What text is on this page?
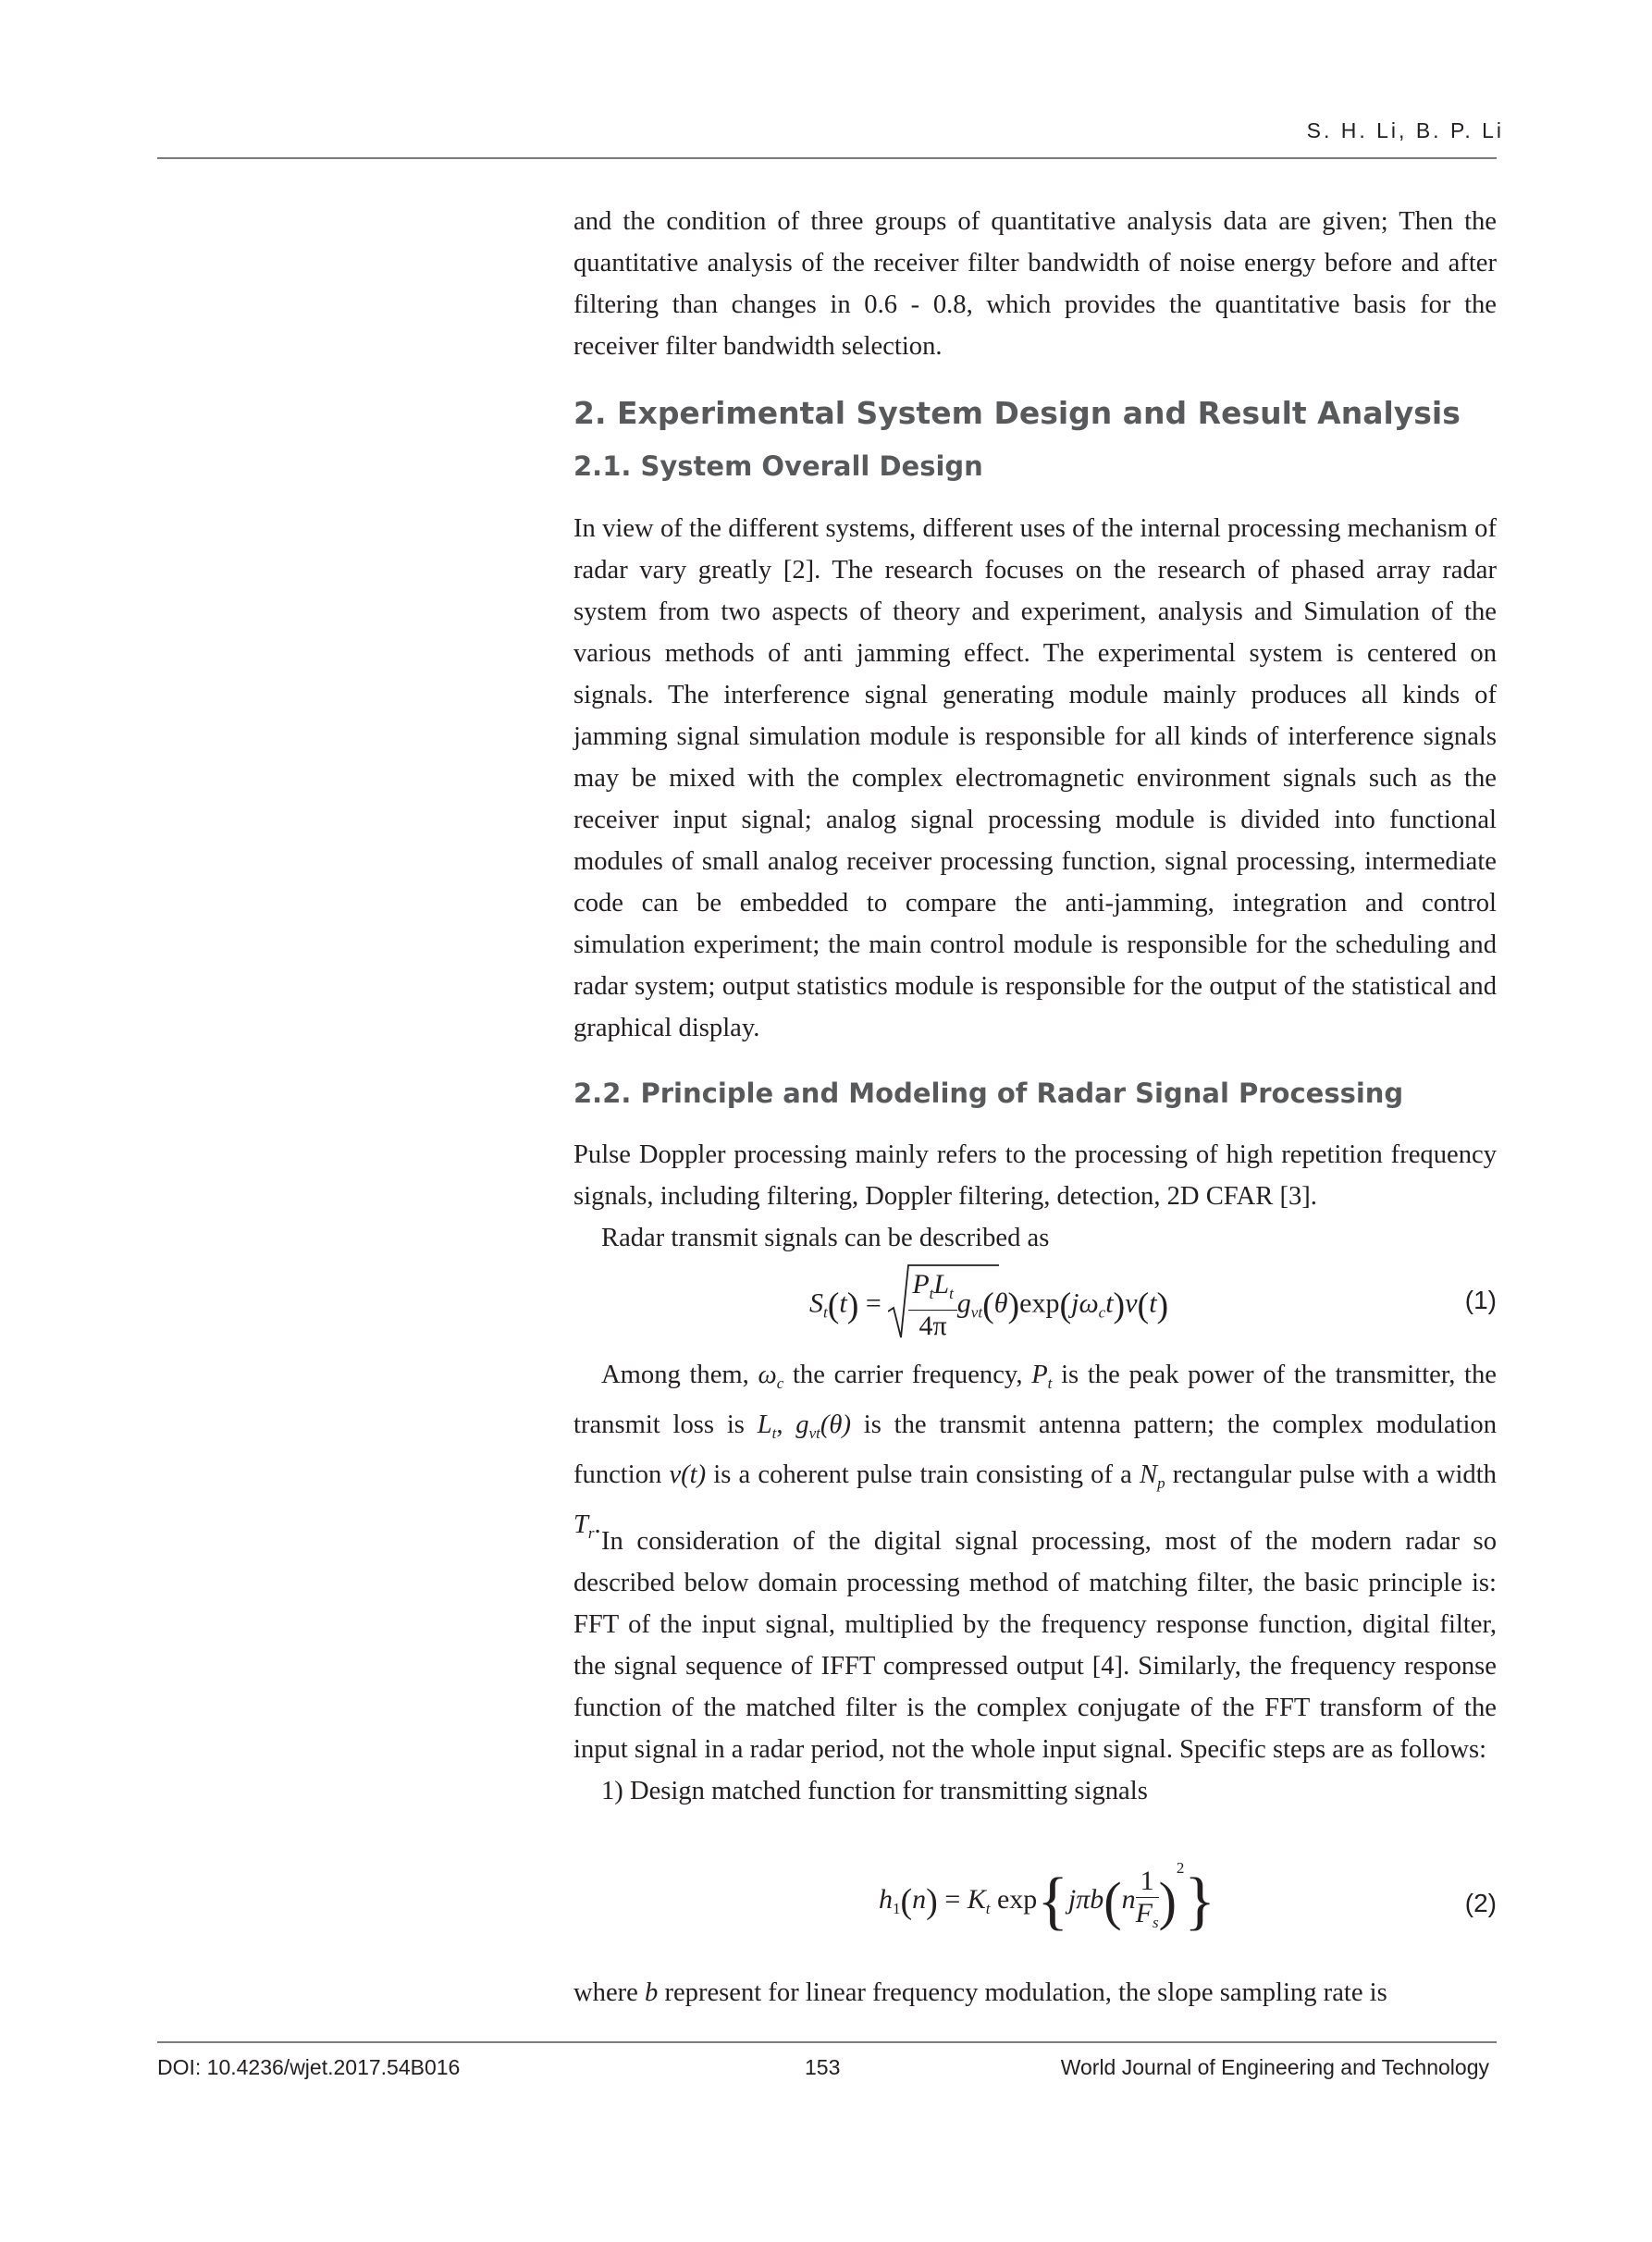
S. H. Li, B. P. Li

and the condition of three groups of quantitative analysis data are given; Then the quantitative analysis of the receiver filter bandwidth of noise energy before and after filtering than changes in 0.6 - 0.8, which provides the quantitative basis for the receiver filter bandwidth selection.

2. Experimental System Design and Result Analysis
2.1. System Overall Design

In view of the different systems, different uses of the internal processing mechanism of radar vary greatly [2]. The research focuses on the research of phased array radar system from two aspects of theory and experiment, analysis and Simulation of the various methods of anti jamming effect. The experimental system is centered on signals. The interference signal generating module mainly produces all kinds of jamming signal simulation module is responsible for all kinds of interference signals may be mixed with the complex electromagnetic environment signals such as the receiver input signal; analog signal processing module is divided into functional modules of small analog receiver processing function, signal processing, intermediate code can be embedded to compare the anti-jamming, integration and control simulation experiment; the main control module is responsible for the scheduling and radar system; output statistics module is responsible for the output of the statistical and graphical display.

2.2. Principle and Modeling of Radar Signal Processing

Pulse Doppler processing mainly refers to the processing of high repetition frequency signals, including filtering, Doppler filtering, detection, 2D CFAR [3].

Radar transmit signals can be described as

$S_t(t) = \frac{P_tL_t}{4\pi} g_{vt}(\theta)\exp(j\omega_ct)v(t)$	(1)

Among them, $\omega_c$ the carrier frequency, $P_t$ is the peak power of the transmitter, the transmit loss is $L_t$, $g_{vt}(\theta)$ is the transmit antenna pattern; the complex modulation function v(t) is a coherent pulse train consisting of a $N_p$ rectangular pulse with a width $T_r$.

In consideration of the digital signal processing, most of the modern radar so described below domain processing method of matching filter, the basic principle is: FFT of the input signal, multiplied by the frequency response function, digital filter, the signal sequence of IFFT compressed output [4]. Similarly, the frequency response function of the matched filter is the complex conjugate of the FFT transform of the input signal in a radar period, not the whole input signal. Specific steps are as follows:

1) Design matched function for transmitting signals

$h_1(n) = K_t$ $\exp\{j\pi b(n \frac{1}{F_s} )^2\}$	(2)

where b represent for linear frequency modulation, the slope sampling rate is

DOI: 10.4236/wjet.2017.54B016	153	World Journal of Engineering and Technology
